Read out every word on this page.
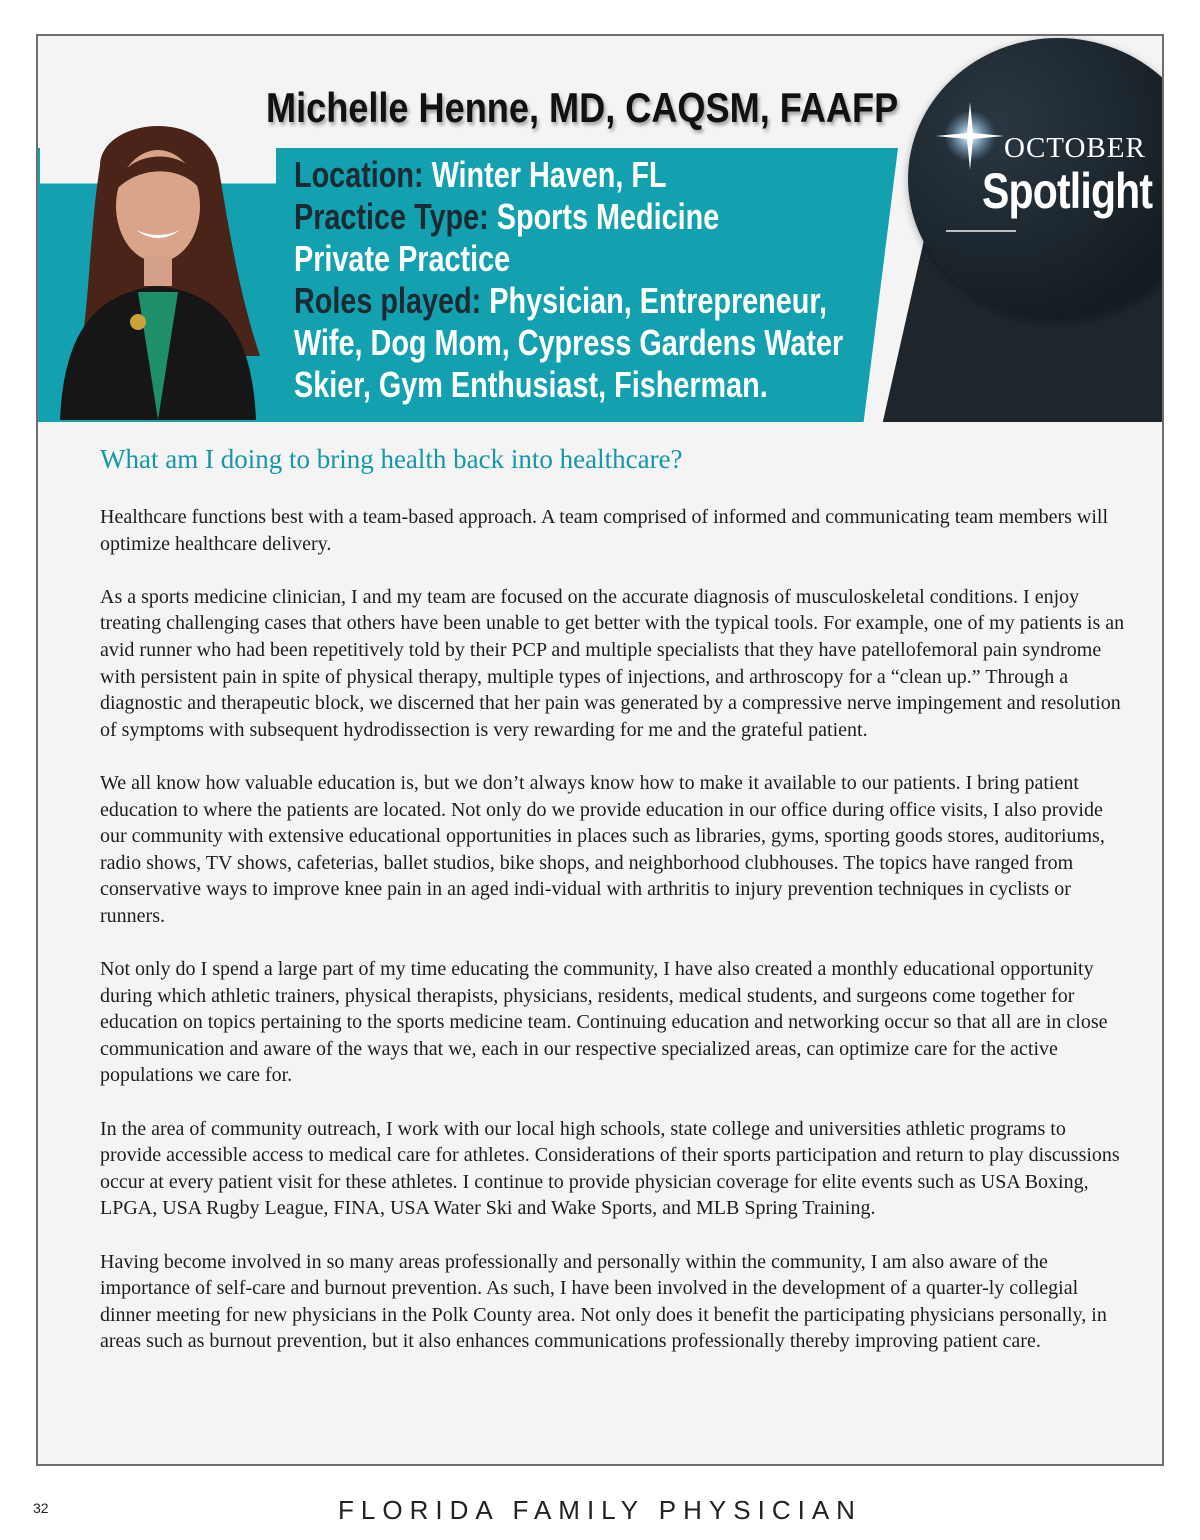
OCTOBER
Spotlight
Michelle Henne, MD, CAQSM, FAAFP
Location: Winter Haven, FL
Practice Type: Sports Medicine Private Practice
Roles played: Physician, Entrepreneur, Wife, Dog Mom, Cypress Gardens Water Skier, Gym Enthusiast, Fisherman.
What am I doing to bring health back into healthcare?

Healthcare functions best with a team-based approach. A team comprised of informed and communicating team members will optimize healthcare delivery.

As a sports medicine clinician, I and my team are focused on the accurate diagnosis of musculoskeletal conditions. I enjoy treating challenging cases that others have been unable to get better with the typical tools. For example, one of my patients is an avid runner who had been repetitively told by their PCP and multiple specialists that they have patellofemoral pain syndrome with persistent pain in spite of physical therapy, multiple types of injections, and arthroscopy for a “clean up.” Through a diagnostic and therapeutic block, we discerned that her pain was generated by a compressive nerve impingement and resolution of symptoms with subsequent hydrodissection is very rewarding for me and the grateful patient.

We all know how valuable education is, but we don’t always know how to make it available to our patients. I bring patient education to where the patients are located. Not only do we provide education in our office during office visits, I also provide our community with extensive educational opportunities in places such as libraries, gyms, sporting goods stores, auditoriums, radio shows, TV shows, cafeterias, ballet studios, bike shops, and neighborhood clubhouses. The topics have ranged from conservative ways to improve knee pain in an aged indi-vidual with arthritis to injury prevention techniques in cyclists or runners.

Not only do I spend a large part of my time educating the community, I have also created a monthly educational opportunity during which athletic trainers, physical therapists, physicians, residents, medical students, and surgeons come together for education on topics pertaining to the sports medicine team. Continuing education and networking occur so that all are in close communication and aware of the ways that we, each in our respective specialized areas, can optimize care for the active populations we care for.

In the area of community outreach, I work with our local high schools, state college and universities athletic programs to provide accessible access to medical care for athletes. Considerations of their sports participation and return to play discussions occur at every patient visit for these athletes. I continue to provide physician coverage for elite events such as USA Boxing, LPGA, USA Rugby League, FINA, USA Water Ski and Wake Sports, and MLB Spring Training.

Having become involved in so many areas professionally and personally within the community, I am also aware of the importance of self-care and burnout prevention. As such, I have been involved in the development of a quarter-ly collegial dinner meeting for new physicians in the Polk County area. Not only does it benefit the participating physicians personally, in areas such as burnout prevention, but it also enhances communications professionally thereby improving patient care.

32	FLORIDA FAMILY PHYSICIAN
